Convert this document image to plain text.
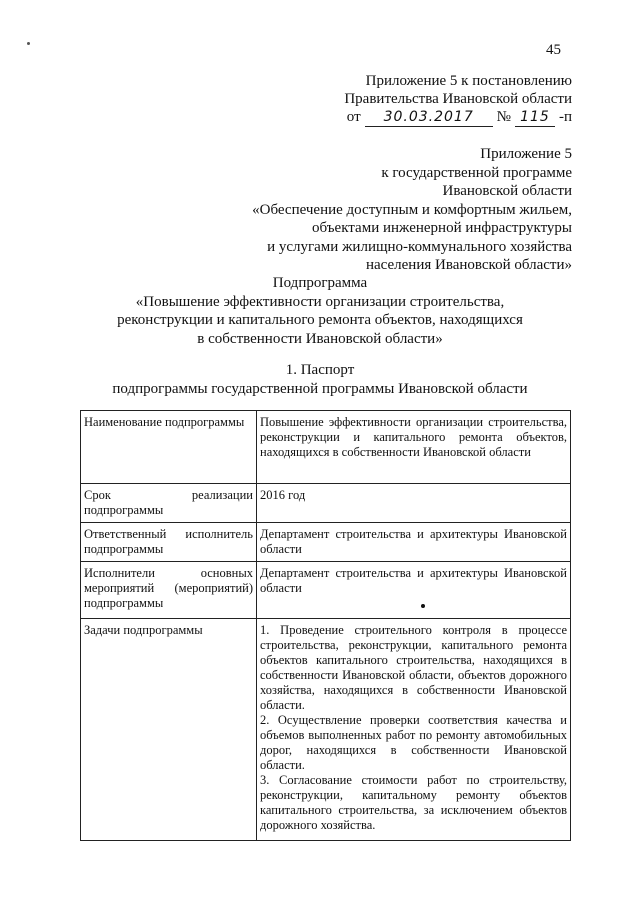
45
Приложение 5 к постановлению
Правительства Ивановской области
от	30.03.2017	№ 115 -п
Приложение 5
к государственной программе
Ивановской области
«Обеспечение доступным и комфортным жильем,
объектами инженерной инфраструктуры
и услугами жилищно-коммунального хозяйства
населения Ивановской области»
Подпрограмма
«Повышение эффективности организации строительства,
реконструкции и капитального ремонта объектов, находящихся
в собственности Ивановской области»
1. Паспорт
подпрограммы государственной программы Ивановской области
Наименование подпрограммы	Повышение эффективности организации строительства, реконструкции и капитального ремонта объектов, находящихся в собственности Ивановской области
Срок реализации подпрограммы	2016 год
Ответственный исполнитель подпрограммы	Департамент строительства и архитектуры Ивановской области
Исполнители основных мероприятий (мероприятий) подпрограммы	Департамент строительства и архитектуры Ивановской области
Задачи подпрограммы	1. Проведение строительного контроля в процессе строительства, реконструкции, капитального ремонта объектов капитального строительства, находящихся в собственности Ивановской области, объектов дорожного хозяйства, находящихся в собственности Ивановской области.

2. Осуществление проверки соответствия качества и объемов выполненных работ по ремонту автомобильных дорог, находящихся в собственности Ивановской области.

3. Согласование стоимости работ по строительству, реконструкции, капитальному ремонту объектов капитального строительства, за исключением объектов дорожного хозяйства.
